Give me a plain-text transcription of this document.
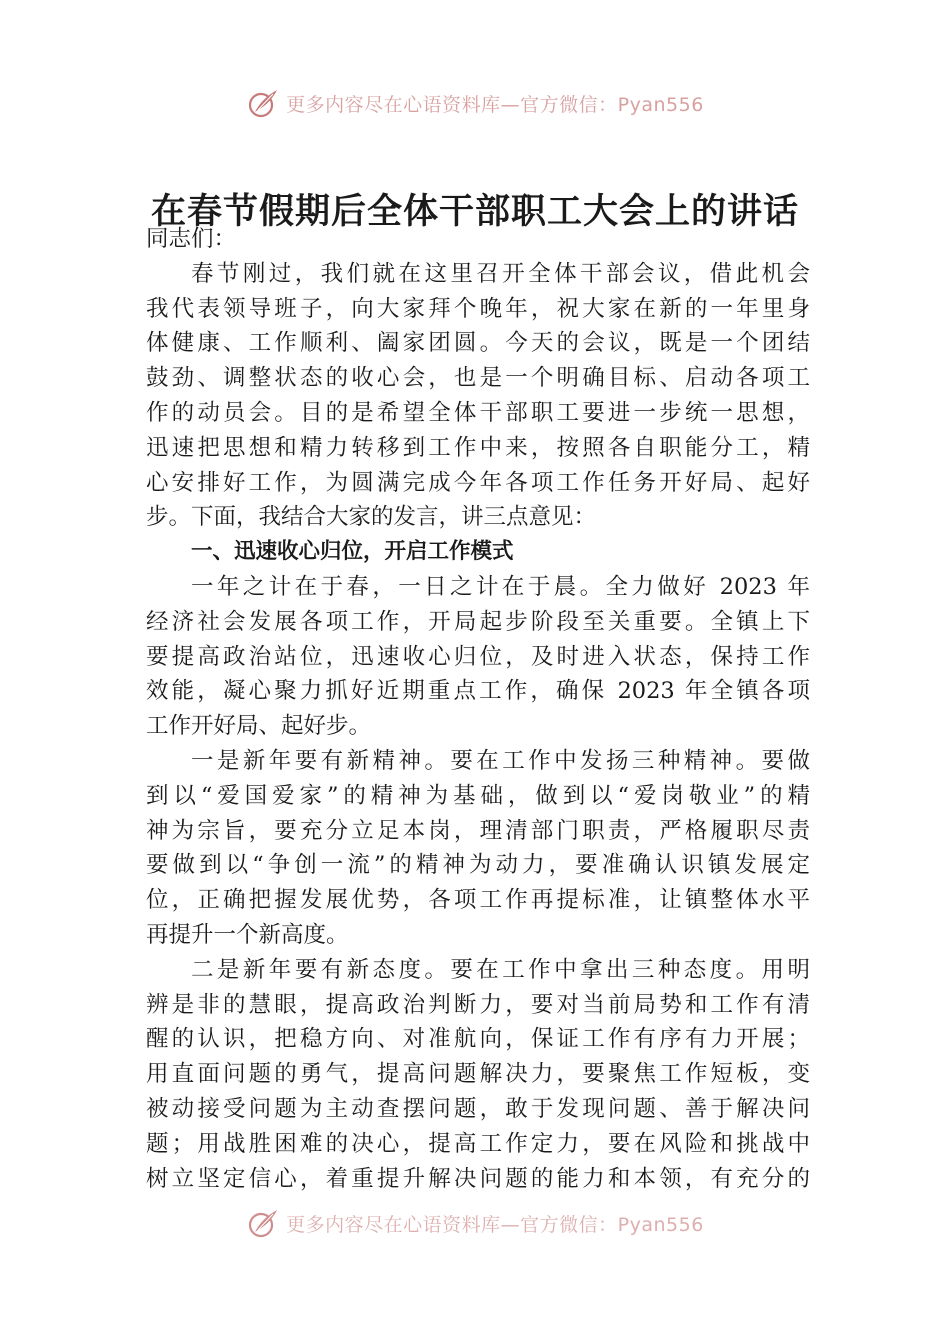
更多内容尽在心语资料库—官方微信：Pyan556
在春节假期后全体干部职工大会上的讲话
同志们：
春节刚过，我们就在这里召开全体干部会议，借此机会
我代表领导班子，向大家拜个晚年，祝大家在新的一年里身
体健康、工作顺利、阖家团圆。今天的会议，既是一个团结
鼓劲、调整状态的收心会，也是一个明确目标、启动各项工
作的动员会。目的是希望全体干部职工要进一步统一思想，
迅速把思想和精力转移到工作中来，按照各自职能分工，精
心安排好工作，为圆满完成今年各项工作任务开好局、起好
步。下面，我结合大家的发言，讲三点意见：
一、迅速收心归位，开启工作模式
一年之计在于春，一日之计在于晨。全力做好 2023 年
经济社会发展各项工作，开局起步阶段至关重要。全镇上下
要提高政治站位，迅速收心归位，及时进入状态，保持工作
效能，凝心聚力抓好近期重点工作，确保 2023 年全镇各项
工作开好局、起好步。
一是新年要有新精神。要在工作中发扬三种精神。要做
到以“爱国爱家”的精神为基础，做到以“爱岗敬业”的精
神为宗旨，要充分立足本岗，理清部门职责，严格履职尽责
要做到以“争创一流”的精神为动力，要准确认识镇发展定
位，正确把握发展优势，各项工作再提标准，让镇整体水平
再提升一个新高度。
二是新年要有新态度。要在工作中拿出三种态度。用明
辨是非的慧眼，提高政治判断力，要对当前局势和工作有清
醒的认识，把稳方向、对准航向，保证工作有序有力开展；
用直面问题的勇气，提高问题解决力，要聚焦工作短板，变
被动接受问题为主动查摆问题，敢于发现问题、善于解决问
题；用战胜困难的决心，提高工作定力，要在风险和挑战中
树立坚定信心，着重提升解决问题的能力和本领，有充分的
更多内容尽在心语资料库—官方微信：Pyan556
